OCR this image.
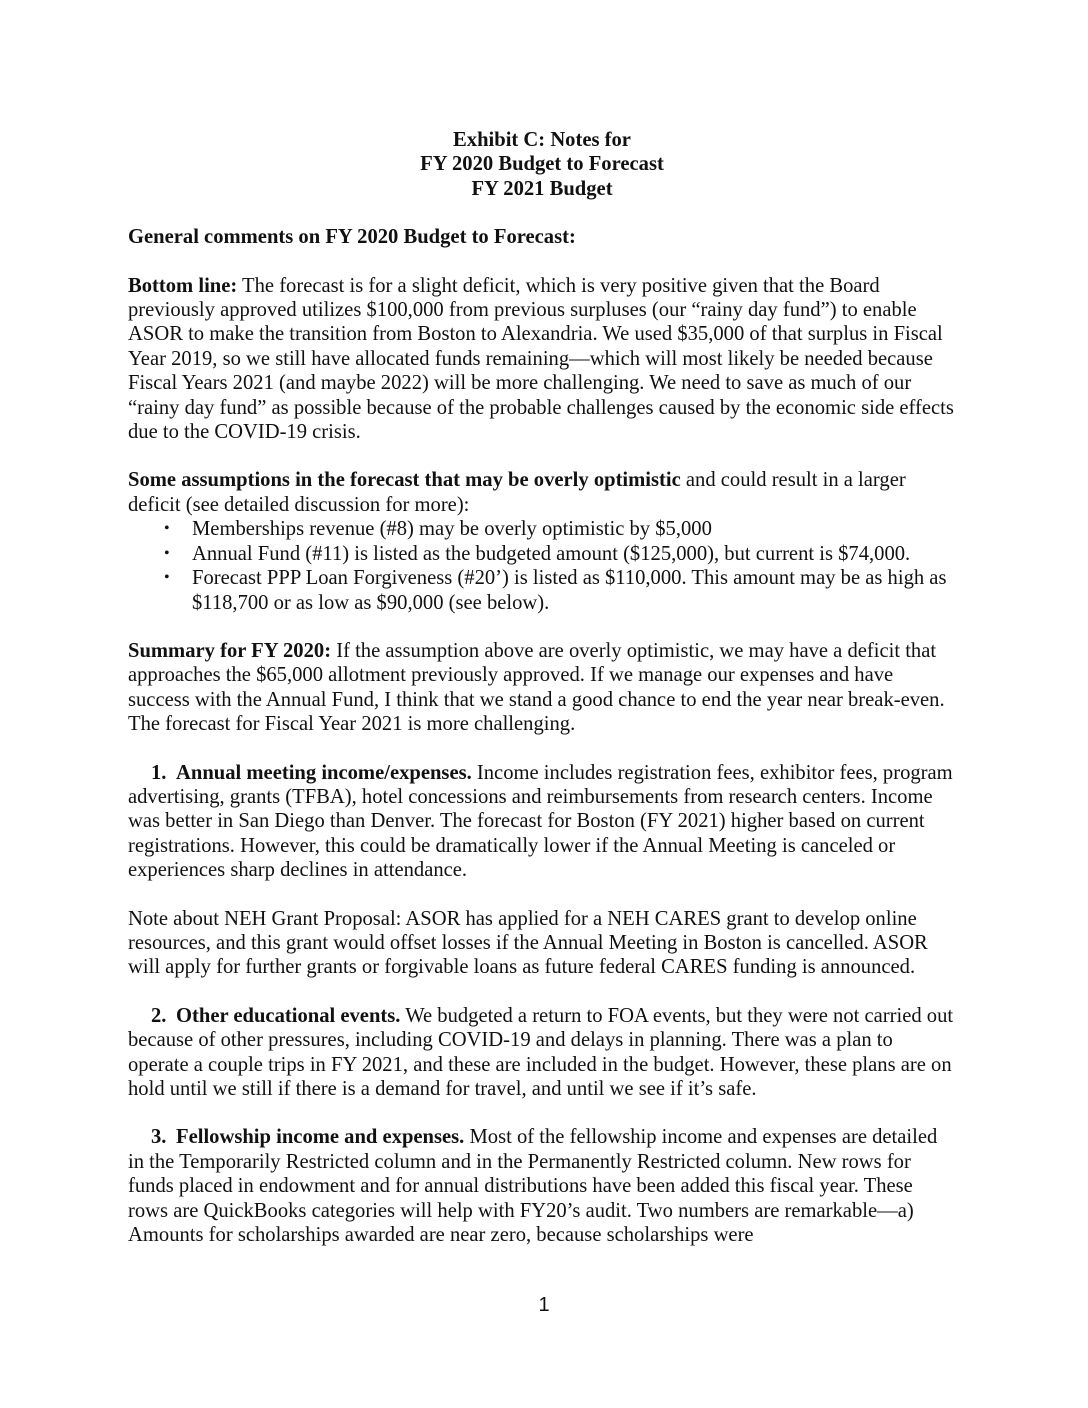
Exhibit C: Notes for
FY 2020 Budget to Forecast
FY 2021 Budget
General comments on FY 2020 Budget to Forecast:

Bottom line: The forecast is for a slight deficit, which is very positive given that the Board previously approved utilizes $100,000 from previous surpluses (our “rainy day fund”) to enable ASOR to make the transition from Boston to Alexandria. We used $35,000 of that surplus in Fiscal Year 2019, so we still have allocated funds remaining—which will most likely be needed because Fiscal Years 2021 (and maybe 2022) will be more challenging. We need to save as much of our “rainy day fund” as possible because of the probable challenges caused by the economic side effects due to the COVID-19 crisis.

Some assumptions in the forecast that may be overly optimistic and could result in a larger deficit (see detailed discussion for more):

• Memberships revenue (#8) may be overly optimistic by $5,000
• Annual Fund (#11) is listed as the budgeted amount ($125,000), but current is $74,000.
• Forecast PPP Loan Forgiveness (#20’) is listed as $110,000. This amount may be as high as $118,700 or as low as $90,000 (see below).

Summary for FY 2020: If the assumption above are overly optimistic, we may have a deficit that approaches the $65,000 allotment previously approved. If we manage our expenses and have success with the Annual Fund, I think that we stand a good chance to end the year near break-even. The forecast for Fiscal Year 2021 is more challenging.

1. Annual meeting income/expenses. Income includes registration fees, exhibitor fees, program advertising, grants (TFBA), hotel concessions and reimbursements from research centers. Income was better in San Diego than Denver. The forecast for Boston (FY 2021) higher based on current registrations. However, this could be dramatically lower if the Annual Meeting is canceled or experiences sharp declines in attendance.

Note about NEH Grant Proposal: ASOR has applied for a NEH CARES grant to develop online resources, and this grant would offset losses if the Annual Meeting in Boston is cancelled. ASOR will apply for further grants or forgivable loans as future federal CARES funding is announced.

2. Other educational events. We budgeted a return to FOA events, but they were not carried out because of other pressures, including COVID-19 and delays in planning. There was a plan to operate a couple trips in FY 2021, and these are included in the budget. However, these plans are on hold until we still if there is a demand for travel, and until we see if it’s safe.

3. Fellowship income and expenses. Most of the fellowship income and expenses are detailed in the Temporarily Restricted column and in the Permanently Restricted column. New rows for funds placed in endowment and for annual distributions have been added this fiscal year. These rows are QuickBooks categories will help with FY20’s audit. Two numbers are remarkable—a) Amounts for scholarships awarded are near zero, because scholarships were

1
